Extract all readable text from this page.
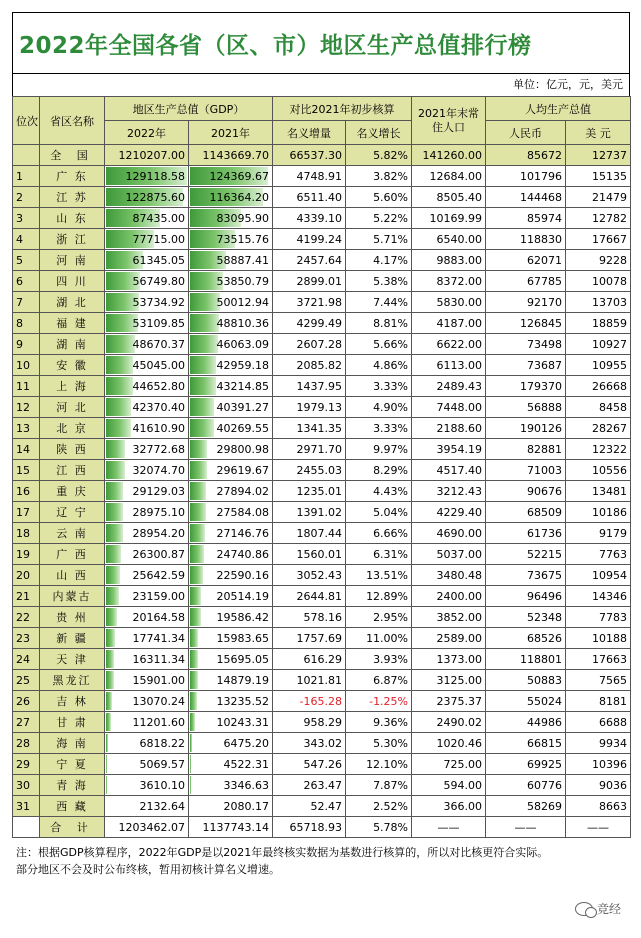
2022年全国各省（区、市）地区生产总值排行榜
单位：亿元，元，美元
位次	省区名称	地区生产总值（GDP）		对比2021年初步核算		2021年末常住人口	人均生产总值	
		2022年	2021年	名义增量	名义增长		人民币	美 元
	全 国	1210207.00	1143669.70	66537.30	5.82%	141260.00	85672	12737
1	广 东	129118.58	124369.67	4748.91	3.82%	12684.00	101796	15135
2	江 苏	122875.60	116364.20	6511.40	5.60%	8505.40	144468	21479
3	山 东	87435.00	83095.90	4339.10	5.22%	10169.99	85974	12782
4	浙 江	77715.00	73515.76	4199.24	5.71%	6540.00	118830	17667
5	河 南	61345.05	58887.41	2457.64	4.17%	9883.00	62071	9228
6	四 川	56749.80	53850.79	2899.01	5.38%	8372.00	67785	10078
7	湖 北	53734.92	50012.94	3721.98	7.44%	5830.00	92170	13703
8	福 建	53109.85	48810.36	4299.49	8.81%	4187.00	126845	18859
9	湖 南	48670.37	46063.09	2607.28	5.66%	6622.00	73498	10927
10	安 徽	45045.00	42959.18	2085.82	4.86%	6113.00	73687	10955
11	上 海	44652.80	43214.85	1437.95	3.33%	2489.43	179370	26668
12	河 北	42370.40	40391.27	1979.13	4.90%	7448.00	56888	8458
13	北 京	41610.90	40269.55	1341.35	3.33%	2188.60	190126	28267
14	陕 西	32772.68	29800.98	2971.70	9.97%	3954.19	82881	12322
15	江 西	32074.70	29619.67	2455.03	8.29%	4517.40	71003	10556
16	重 庆	29129.03	27894.02	1235.01	4.43%	3212.43	90676	13481
17	辽 宁	28975.10	27584.08	1391.02	5.04%	4229.40	68509	10186
18	云 南	28954.20	27146.76	1807.44	6.66%	4690.00	61736	9179
19	广 西	26300.87	24740.86	1560.01	6.31%	5037.00	52215	7763
20	山 西	25642.59	22590.16	3052.43	13.51%	3480.48	73675	10954
21	内蒙古	23159.00	20514.19	2644.81	12.89%	2400.00	96496	14346
22	贵 州	20164.58	19586.42	578.16	2.95%	3852.00	52348	7783
23	新 疆	17741.34	15983.65	1757.69	11.00%	2589.00	68526	10188
24	天 津	16311.34	15695.05	616.29	3.93%	1373.00	118801	17663
25	黑龙江	15901.00	14879.19	1021.81	6.87%	3125.00	50883	7565
26	吉 林	13070.24	13235.52	-165.28	-1.25%	2375.37	55024	8181
27	甘 肃	11201.60	10243.31	958.29	9.36%	2490.02	44986	6688
28	海 南	6818.22	6475.20	343.02	5.30%	1020.46	66815	9934
29	宁 夏	5069.57	4522.31	547.26	12.10%	725.00	69925	10396
30	青 海	3610.10	3346.63	263.47	7.87%	594.00	60776	9036
31	西 藏	2132.64	2080.17	52.47	2.52%	366.00	58269	8663
	合 计	1203462.07	1137743.14	65718.93	5.78%	——	——	——
注：根据GDP核算程序，2022年GDP是以2021年最终核实数据为基数进行核算的，所以对比核更符合实际。
部分地区不会及时公布终核，暂用初核计算名义增速。
竞经
